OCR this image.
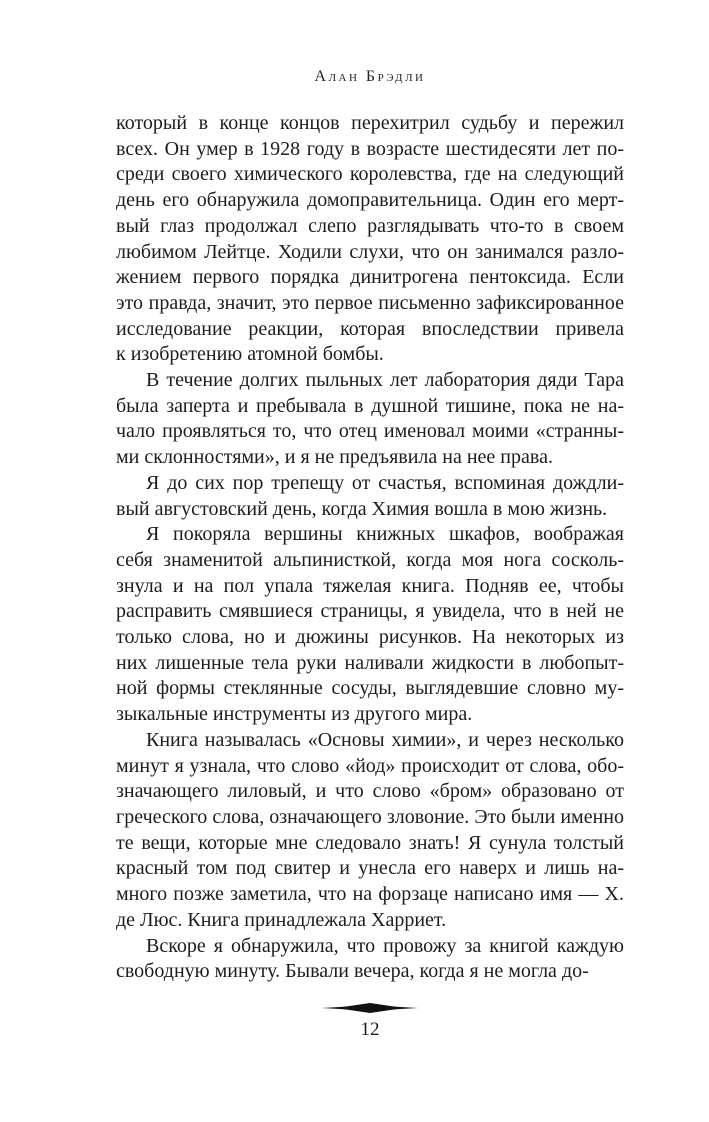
Алан Брэдли
который в конце концов перехитрил судьбу и пережил
всех. Он умер в 1928 году в возрасте шестидесяти лет по-
среди своего химического королевства, где на следующий
день его обнаружила домоправительница. Один его мерт-
вый глаз продолжал слепо разглядывать что-то в своем
любимом Лейтце. Ходили слухи, что он занимался разло-
жением первого порядка динитрогена пентоксида. Если
это правда, значит, это первое письменно зафиксированное
исследование реакции, которая впоследствии привела
к изобретению атомной бомбы.
В течение долгих пыльных лет лаборатория дяди Тара
была заперта и пребывала в душной тишине, пока не на-
чало проявляться то, что отец именовал моими «странны-
ми склонностями», и я не предъявила на нее права.
Я до сих пор трепещу от счастья, вспоминая дождли-
вый августовский день, когда Химия вошла в мою жизнь.
Я покоряла вершины книжных шкафов, воображая
себя знаменитой альпинисткой, когда моя нога сосколь-
знула и на пол упала тяжелая книга. Подняв ее, чтобы
расправить смявшиеся страницы, я увидела, что в ней не
только слова, но и дюжины рисунков. На некоторых из
них лишенные тела руки наливали жидкости в любопыт-
ной формы стеклянные сосуды, выглядевшие словно му-
зыкальные инструменты из другого мира.
Книга называлась «Основы химии», и через несколько
минут я узнала, что слово «йод» происходит от слова, обо-
значающего лиловый, и что слово «бром» образовано от
греческого слова, означающего зловоние. Это были именно
те вещи, которые мне следовало знать! Я сунула толстый
красный том под свитер и унесла его наверх и лишь на-
много позже заметила, что на форзаце написано имя — Х.
де Люс. Книга принадлежала Харриет.
Вскоре я обнаружила, что провожу за книгой каждую
свободную минуту. Бывали вечера, когда я не могла до-
12
